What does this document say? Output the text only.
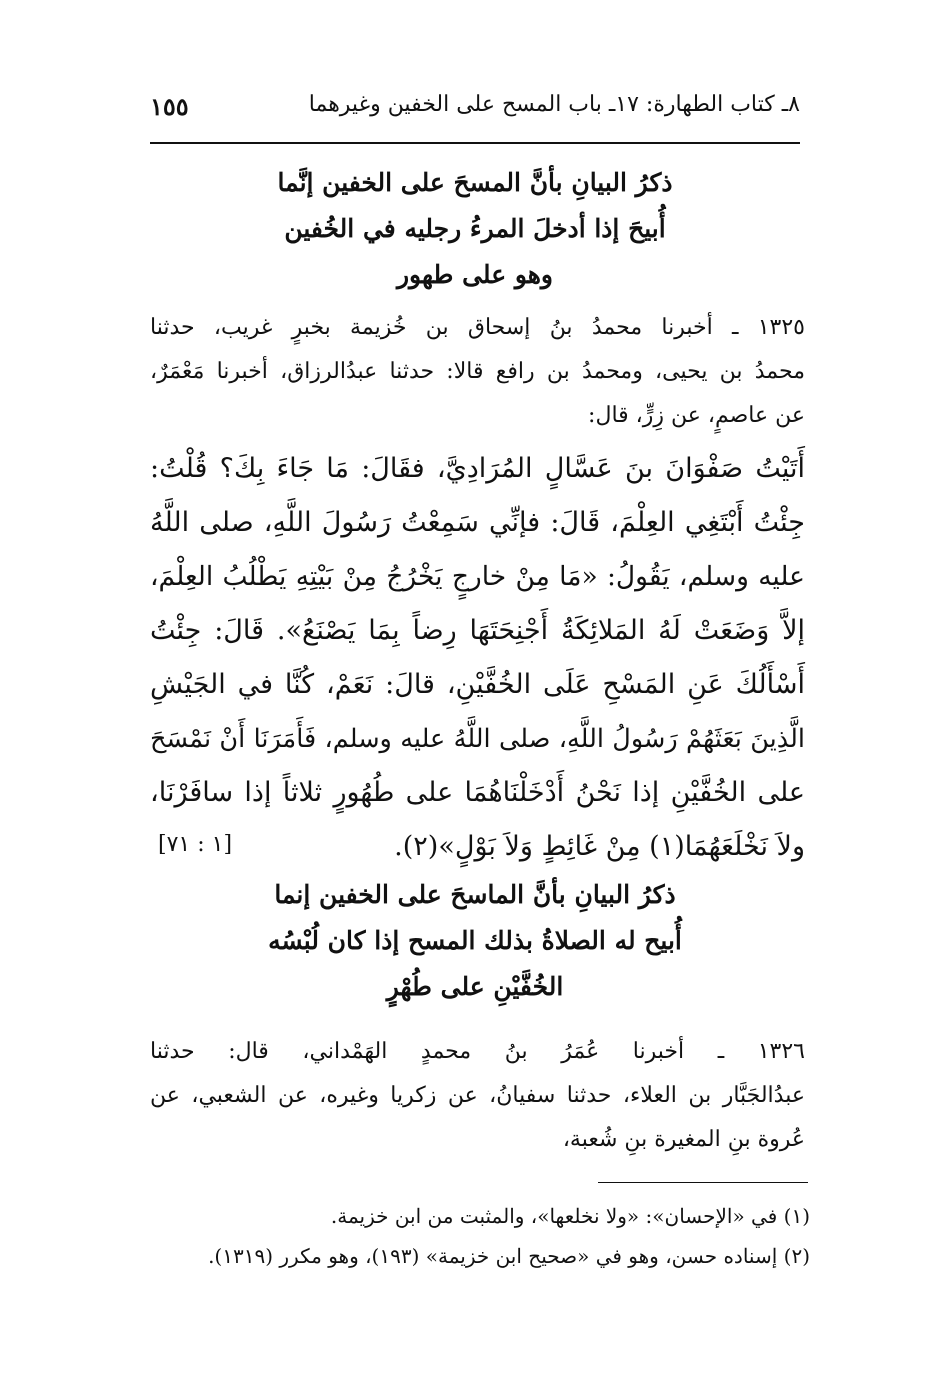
٨ـ كتاب الطهارة: ١٧ـ باب المسح على الخفين وغيرهما
١٥٥
ذكرُ البيانِ بأنَّ المسحَ على الخفين إنَّما
أُبيحَ إذا أدخلَ المرءُ رجليه في الخُفين
وهو على طهور
١٣٢٥ ـ أخبرنا محمدُ بنُ إسحاق بن خُزيمة بخبرٍ غريب، حدثنا
محمدُ بن يحيى، ومحمدُ بن رافع قالا: حدثنا عبدُالرزاق، أخبرنا مَعْمَرٌ،
عن عاصمٍ، عن زِرٍّ، قال:
أَتَيْتُ صَفْوَانَ بنَ عَسَّالٍ المُرَادِيَّ، فقَالَ: مَا جَاءَ بِكَ؟ قُلْتُ:
جِئْتُ أَبْتَغِي العِلْمَ، قَالَ: فإنِّي سَمِعْتُ رَسُولَ اللَّهِ، صلى اللَّهُ
عليه وسلم، يَقُولُ: «مَا مِنْ خارجٍ يَخْرُجُ مِنْ بَيْتِهِ يَطْلُبُ العِلْمَ،
إلاَّ وَضَعَتْ لَهُ المَلائِكَةُ أَجْنِحَتَهَا رِضاً بِمَا يَصْنَعُ». قَالَ: جِئْتُ
أَسْأَلُكَ عَنِ المَسْحِ عَلَى الخُفَّيْنِ، قالَ: نَعَمْ، كُنَّا في الجَيْشِ
الَّذِينَ بَعَثَهُمْ رَسُولُ اللَّهِ، صلى اللَّهُ عليه وسلم، فَأَمَرَنَا أَنْ نَمْسَحَ
على الخُفَّيْنِ إذا نَحْنُ أَدْخَلْنَاهُمَا على طُهُورٍ ثلاثاً إذا سافَرْنَا،
ولاَ نَخْلَعَهُمَا(١) مِنْ غَائِطٍ وَلاَ بَوْلٍ»(٢).
[١ : ٧١]
ذكرُ البيانِ بأنَّ الماسحَ على الخفين إنما
أُبيح له الصلاةُ بذلك المسح إذا كان لُبْسُه
الخُفَّيْنِ على طُهْرٍ
١٣٢٦ ـ أخبرنا عُمَرُ بنُ محمدٍ الهَمْداني، قال: حدثنا
عبدُالجَبَّار بن العلاء، حدثنا سفيانُ، عن زكريا وغيره، عن الشعبي، عن
عُروة بنِ المغيرة بنِ شُعبة،
(١) في «الإحسان»: «ولا نخلعها»، والمثبت من ابن خزيمة.
(٢) إسناده حسن، وهو في «صحيح ابن خزيمة» (١٩٣)، وهو مكرر (١٣١٩).
